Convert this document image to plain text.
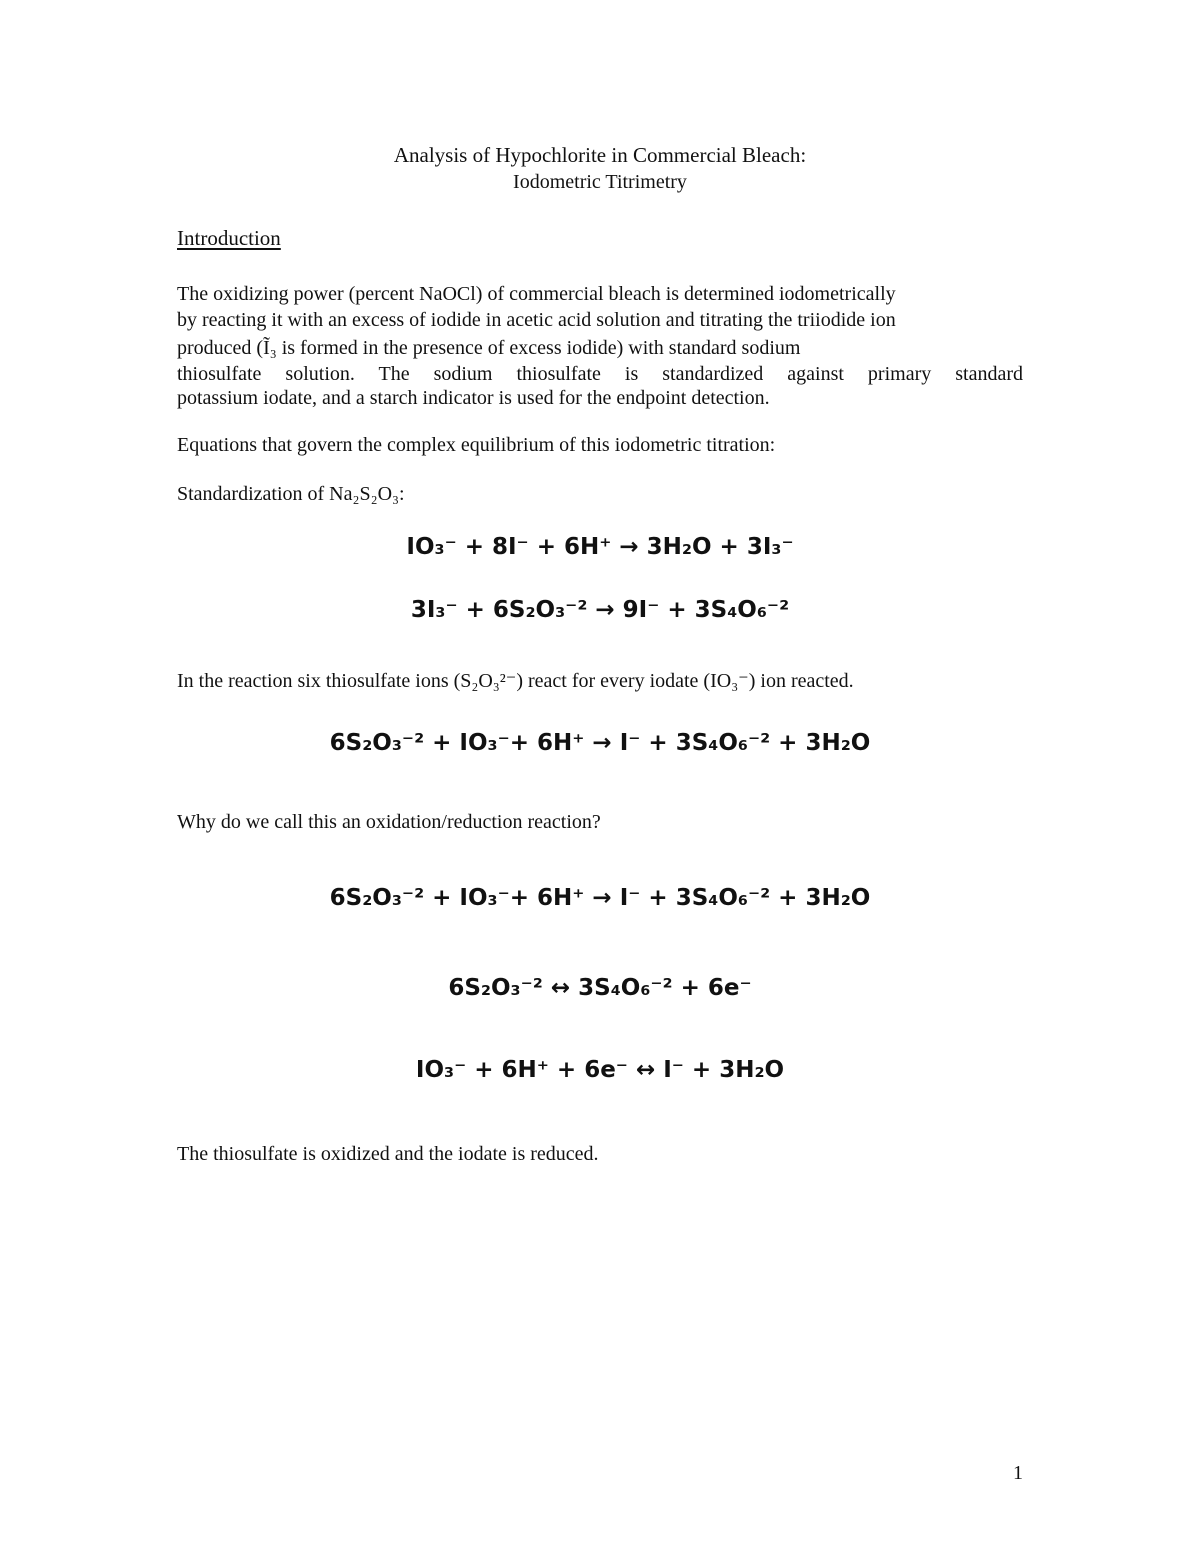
Analysis of Hypochlorite in Commercial Bleach:
Iodometric Titrimetry
Introduction
The oxidizing power (percent NaOCl) of commercial bleach is determined iodometrically
by reacting it with an excess of iodide in acetic acid solution and titrating the triiodide ion
produced (Ĩ₃ is formed in the presence of excess iodide) with standard sodium
thiosulfate solution. The sodium thiosulfate is standardized against primary standard
potassium iodate, and a starch indicator is used for the endpoint detection.
Equations that govern the complex equilibrium of this iodometric titration:
Standardization of Na₂S₂O₃:
IO₃⁻ + 8I⁻ + 6H⁺ → 3H₂O + 3I₃⁻
3I₃⁻ + 6S₂O₃⁻² → 9I⁻ + 3S₄O₆⁻²
In the reaction six thiosulfate ions (S₂O₃²⁻) react for every iodate (IO₃⁻) ion reacted.
6S₂O₃⁻² + IO₃⁻+ 6H⁺ → I⁻ + 3S₄O₆⁻² + 3H₂O
Why do we call this an oxidation/reduction reaction?
6S₂O₃⁻² + IO₃⁻+ 6H⁺ → I⁻ + 3S₄O₆⁻² + 3H₂O
6S₂O₃⁻² ↔ 3S₄O₆⁻² + 6e⁻
IO₃⁻ + 6H⁺ + 6e⁻ ↔ I⁻ + 3H₂O
The thiosulfate is oxidized and the iodate is reduced.
1
